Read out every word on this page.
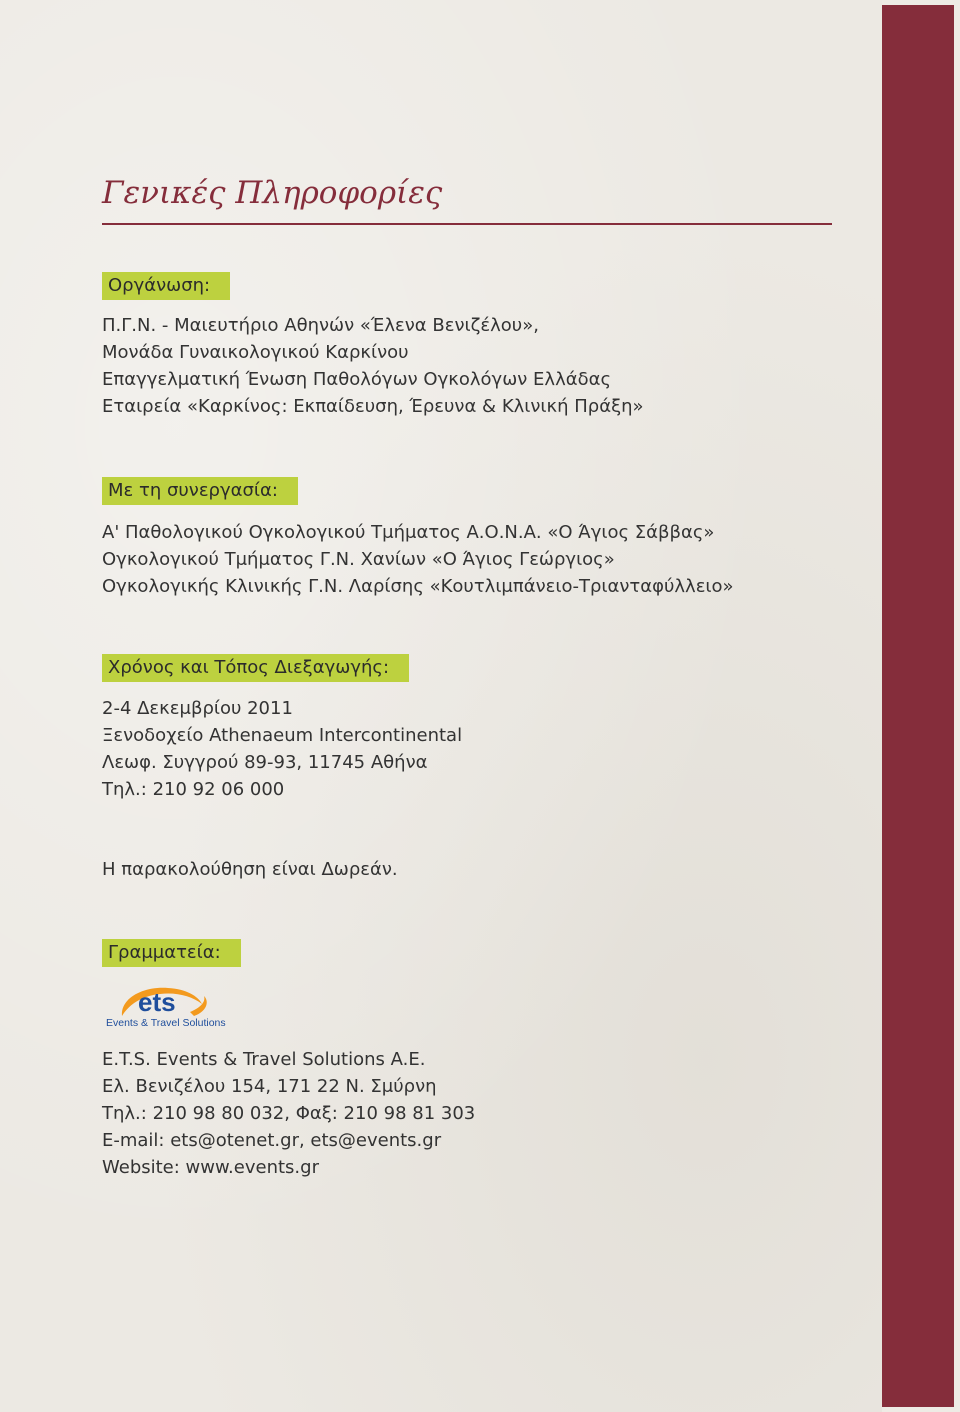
Γενικές Πληροφορίες
Οργάνωση:
Π.Γ.Ν. - Μαιευτήριο Αθηνών «Έλενα Βενιζέλου»,
Μονάδα Γυναικολογικού Καρκίνου
Επαγγελματική Ένωση Παθολόγων Ογκολόγων Ελλάδας
Εταιρεία «Καρκίνος: Εκπαίδευση, Έρευνα & Κλινική Πράξη»
Με τη συνεργασία:
Α' Παθολογικού Ογκολογικού Τμήματος Α.Ο.Ν.Α. «Ο Άγιος Σάββας»
Ογκολογικού Τμήματος Γ.Ν. Χανίων «Ο Άγιος Γεώργιος»
Ογκολογικής Κλινικής Γ.Ν. Λαρίσης «Κουτλιμπάνειο-Τριανταφύλλειο»
Χρόνος και Τόπος Διεξαγωγής:
2-4 Δεκεμβρίου 2011
Ξενοδοχείο Athenaeum Intercontinental
Λεωφ. Συγγρού 89-93, 11745 Αθήνα
Τηλ.: 210 92 06 000
Η παρακολούθηση είναι Δωρεάν.
Γραμματεία:
ets
Events & Travel Solutions
E.T.S. Events & Travel Solutions A.E.
Ελ. Βενιζέλου 154, 171 22 Ν. Σμύρνη
Τηλ.: 210 98 80 032, Φαξ: 210 98 81 303
E-mail: ets@otenet.gr, ets@events.gr
Website: www.events.gr
